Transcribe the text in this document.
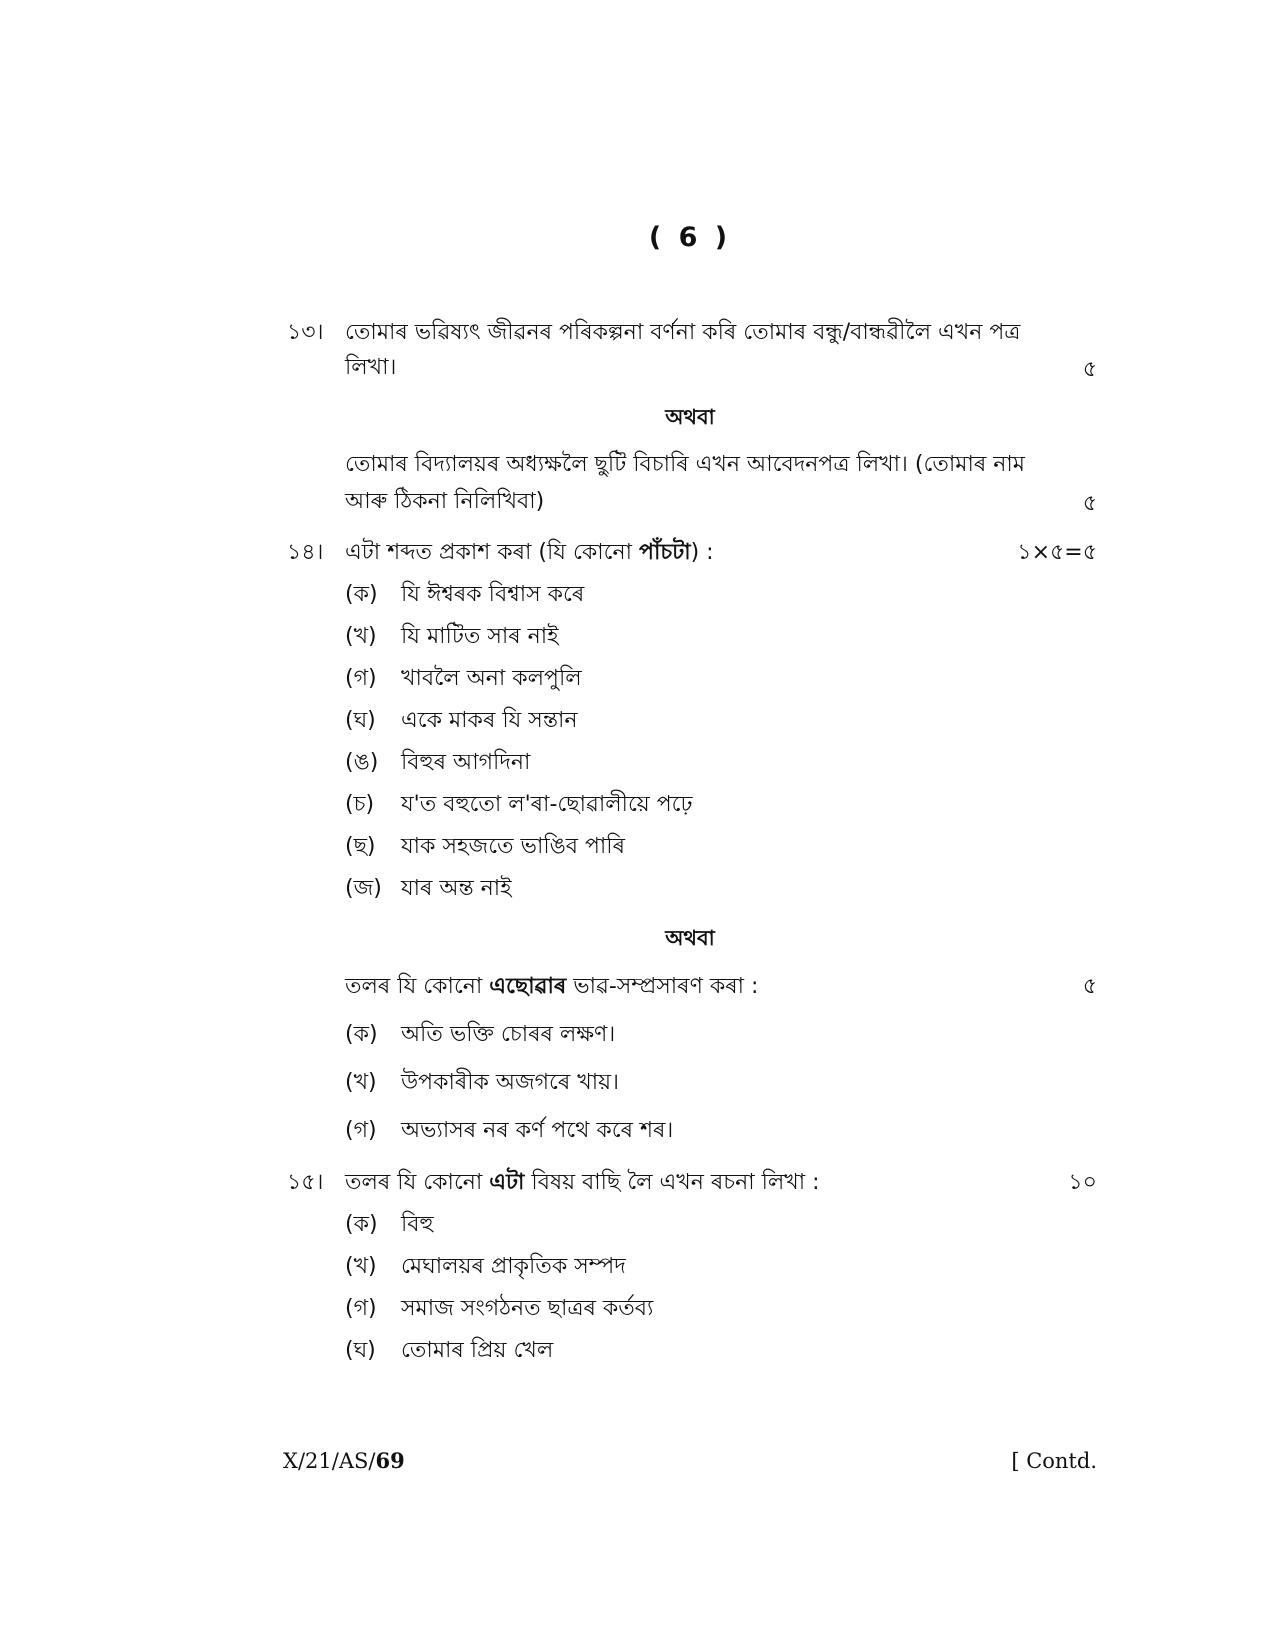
( 6 )
১৩। তোমাৰ ভৱিষ্যৎ জীৱনৰ পৰিকল্পনা বৰ্ণনা কৰি তোমাৰ বন্ধু/বান্ধৱীলৈ এখন পত্ৰ
লিখা।	৫
অথবা
তোমাৰ বিদ্যালয়ৰ অধ্যক্ষলৈ ছুটি বিচাৰি এখন আবেদনপত্ৰ লিখা। (তোমাৰ নাম
আৰু ঠিকনা নিলিখিবা)	৫
১৪। এটা শব্দত প্ৰকাশ কৰা (যি কোনো পাঁচটা) :	১×৫=৫
(ক) যি ঈশ্বৰক বিশ্বাস কৰে
(খ) যি মাটিত সাৰ নাই
(গ) খাবলৈ অনা কলপুলি
(ঘ) একে মাকৰ যি সন্তান
(ঙ) বিহুৰ আগদিনা
(চ) য'ত বহুতো ল'ৰা-ছোৱালীয়ে পঢ়ে
(ছ) যাক সহজতে ভাঙিব পাৰি
(জ) যাৰ অন্ত নাই
অথবা
তলৰ যি কোনো এছোৱাৰ ভাৱ-সম্প্ৰসাৰণ কৰা :	৫
(ক) অতি ভক্তি চোৰৰ লক্ষণ।
(খ) উপকাৰীক অজগৰে খায়।
(গ) অভ্যাসৰ নৰ কৰ্ণ পথে কৰে শৰ।
১৫। তলৰ যি কোনো এটা বিষয় বাছি লৈ এখন ৰচনা লিখা :	১০
(ক) বিহু
(খ) মেঘালয়ৰ প্ৰাকৃতিক সম্পদ
(গ) সমাজ সংগঠনত ছাত্ৰৰ কৰ্তব্য
(ঘ) তোমাৰ প্ৰিয় খেল
X/21/AS/69	[ Contd.
